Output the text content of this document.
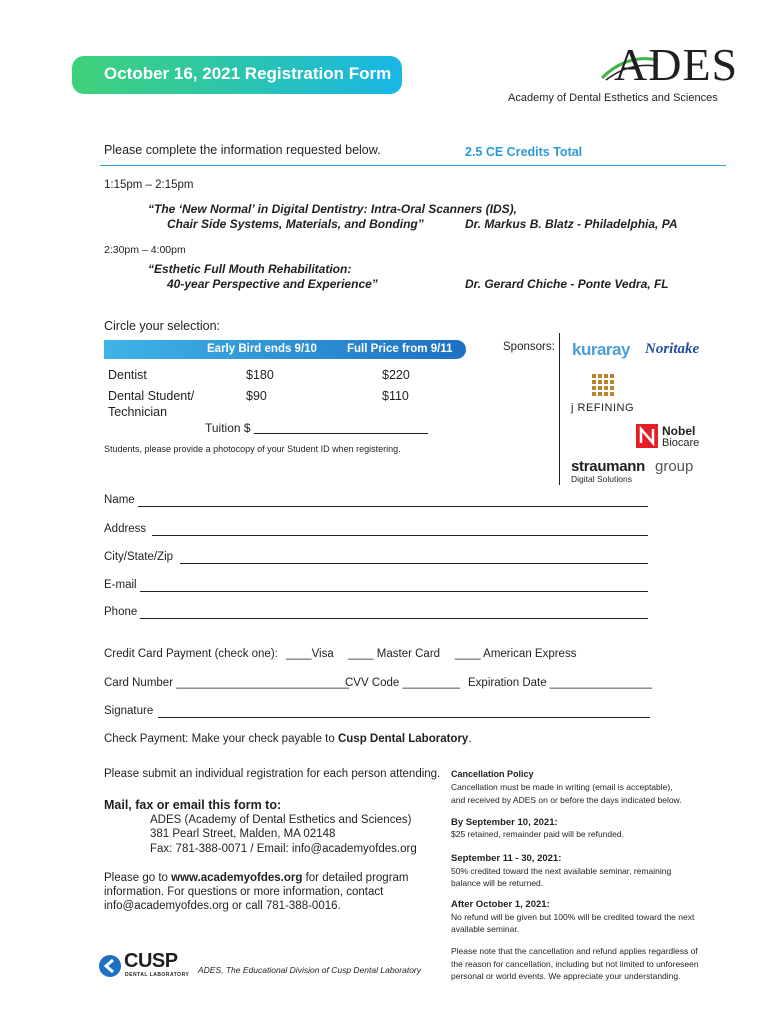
October 16, 2021 Registration Form	ADES
Academy of Dental Esthetics and Sciences
Please complete the information requested below.	2.5 CE Credits Total
1:15pm – 2:15pm
“The ‘New Normal’ in Digital Dentistry: Intra-Oral Scanners (IDS),
Chair Side Systems, Materials, and Bonding”	Dr. Markus B. Blatz - Philadelphia, PA
2:30pm – 4:00pm
“Esthetic Full Mouth Rehabilitation:
40-year Perspective and Experience”	Dr. Gerard Chiche - Ponte Vedra, FL
Circle your selection:
Early Bird ends 9/10	Full Price from 9/11
Dentist	$180	$220
Dental Student/
Technician
$90	$110
Tuition $
Students, please provide a photocopy of your Student ID when registering.
Sponsors: kuraray Noritake
j REFINING
Nobel
Biocare
straumann group
Digital Solutions
Name
Address
City/State/Zip
E-mail
Phone
Credit Card Payment (check one): ____Visa ____ Master Card ____ American Express
Card Number ___________________________
CVV Code _________ Expiration Date ________________
Signature
Check Payment: Make your check payable to Cusp Dental Laboratory.
Please submit an individual registration for each person attending.
Mail, fax or email this form to:
ADES (Academy of Dental Esthetics and Sciences)
381 Pearl Street, Malden, MA 02148
Fax: 781-388-0071 / Email: info@academyofdes.org
Please go to www.academyofdes.org for detailed program
information. For questions or more information, contact
info@academyofdes.org or call 781-388-0016.
CUSP
DENTAL LABORATORY ADES, The Educational Division of Cusp Dental Laboratory
Cancellation Policy
Cancellation must be made in writing (email is acceptable),
and received by ADES on or before the days indicated below.
By September 10, 2021:
$25 retained, remainder paid will be refunded.
September 11 - 30, 2021:
50% credited toward the next available seminar, remaining
balance will be returned.
After October 1, 2021:
No refund will be given but 100% will be credited toward the next
available seminar.
Please note that the cancellation and refund applies regardless of
the reason for cancellation, including but not limited to unforeseen
personal or world events. We appreciate your understanding.
